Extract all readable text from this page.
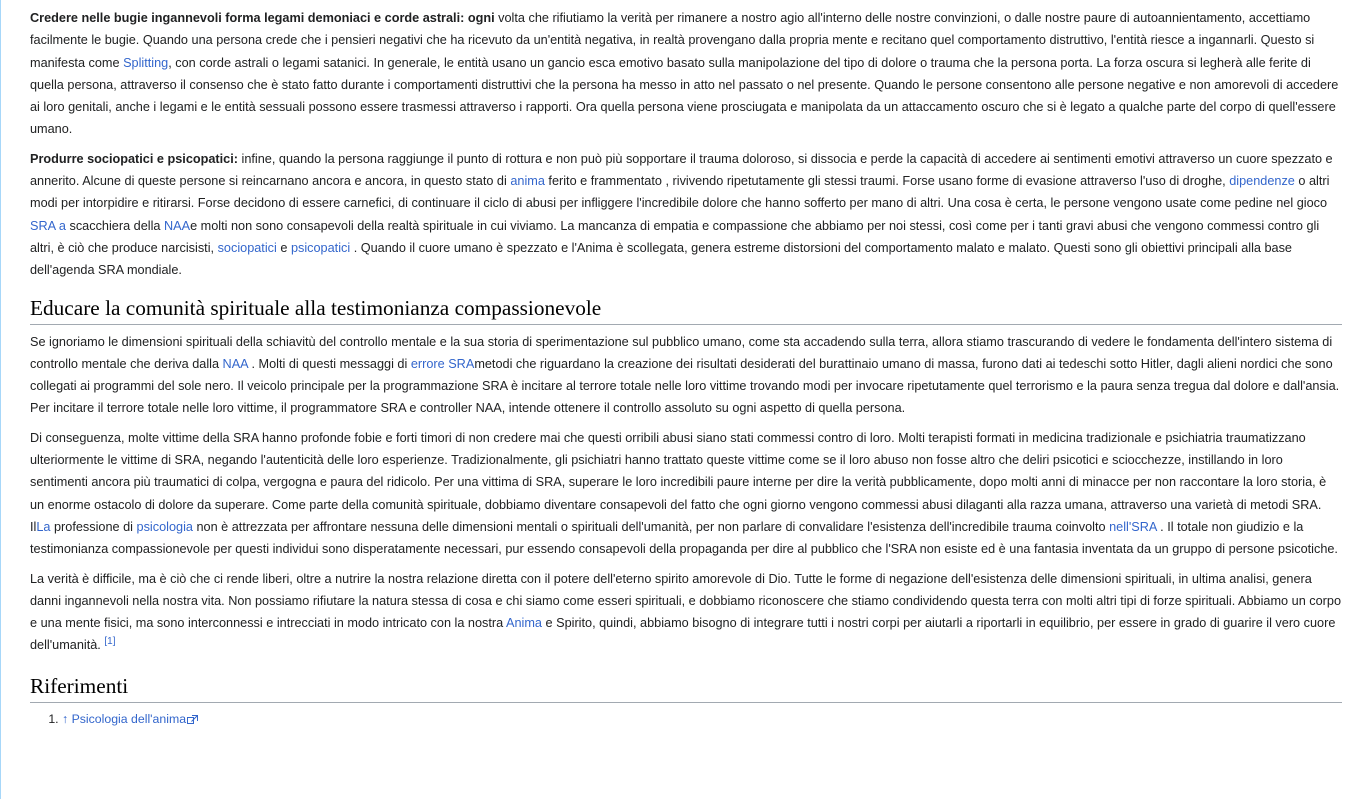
Credere nelle bugie ingannevoli forma legami demoniaci e corde astrali: ogni volta che rifiutiamo la verità per rimanere a nostro agio all'interno delle nostre convinzioni, o dalle nostre paure di autoannientamento, accettiamo facilmente le bugie. Quando una persona crede che i pensieri negativi che ha ricevuto da un'entità negativa, in realtà provengano dalla propria mente e recitano quel comportamento distruttivo, l'entità riesce a ingannarli. Questo si manifesta come Splitting, con corde astrali o legami satanici. In generale, le entità usano un gancio esca emotivo basato sulla manipolazione del tipo di dolore o trauma che la persona porta. La forza oscura si legherà alle ferite di quella persona, attraverso il consenso che è stato fatto durante i comportamenti distruttivi che la persona ha messo in atto nel passato o nel presente. Quando le persone consentono alle persone negative e non amorevoli di accedere ai loro genitali, anche i legami e le entità sessuali possono essere trasmessi attraverso i rapporti. Ora quella persona viene prosciugata e manipolata da un attaccamento oscuro che si è legato a qualche parte del corpo di quell'essere umano.

Produrre sociopatici e psicopatici: infine, quando la persona raggiunge il punto di rottura e non può più sopportare il trauma doloroso, si dissocia e perde la capacità di accedere ai sentimenti emotivi attraverso un cuore spezzato e annerito. Alcune di queste persone si reincarnano ancora e ancora, in questo stato di anima ferito e frammentato , rivivendo ripetutamente gli stessi traumi. Forse usano forme di evasione attraverso l'uso di droghe, dipendenze o altri modi per intorpidire e ritirarsi. Forse decidono di essere carnefici, di continuare il ciclo di abusi per infliggere l'incredibile dolore che hanno sofferto per mano di altri. Una cosa è certa, le persone vengono usate come pedine nel gioco SRA a scacchiera della NAAe molti non sono consapevoli della realtà spirituale in cui viviamo. La mancanza di empatia e compassione che abbiamo per noi stessi, così come per i tanti gravi abusi che vengono commessi contro gli altri, è ciò che produce narcisisti, sociopatici e psicopatici . Quando il cuore umano è spezzato e l'Anima è scollegata, genera estreme distorsioni del comportamento malato e malato. Questi sono gli obiettivi principali alla base dell'agenda SRA mondiale.

Educare la comunità spirituale alla testimonianza compassionevole

Se ignoriamo le dimensioni spirituali della schiavitù del controllo mentale e la sua storia di sperimentazione sul pubblico umano, come sta accadendo sulla terra, allora stiamo trascurando di vedere le fondamenta dell'intero sistema di controllo mentale che deriva dalla NAA . Molti di questi messaggi di errore SRAmetodi che riguardano la creazione dei risultati desiderati del burattinaio umano di massa, furono dati ai tedeschi sotto Hitler, dagli alieni nordici che sono collegati ai programmi del sole nero. Il veicolo principale per la programmazione SRA è incitare al terrore totale nelle loro vittime trovando modi per invocare ripetutamente quel terrorismo e la paura senza tregua dal dolore e dall'ansia. Per incitare il terrore totale nelle loro vittime, il programmatore SRA e controller NAA, intende ottenere il controllo assoluto su ogni aspetto di quella persona.

Di conseguenza, molte vittime della SRA hanno profonde fobie e forti timori di non credere mai che questi orribili abusi siano stati commessi contro di loro. Molti terapisti formati in medicina tradizionale e psichiatria traumatizzano ulteriormente le vittime di SRA, negando l'autenticità delle loro esperienze. Tradizionalmente, gli psichiatri hanno trattato queste vittime come se il loro abuso non fosse altro che deliri psicotici e sciocchezze, instillando in loro sentimenti ancora più traumatici di colpa, vergogna e paura del ridicolo. Per una vittima di SRA, superare le loro incredibili paure interne per dire la verità pubblicamente, dopo molti anni di minacce per non raccontare la loro storia, è un enorme ostacolo di dolore da superare. Come parte della comunità spirituale, dobbiamo diventare consapevoli del fatto che ogni giorno vengono commessi abusi dilaganti alla razza umana, attraverso una varietà di metodi SRA. IlLa professione di psicologia non è attrezzata per affrontare nessuna delle dimensioni mentali o spirituali dell'umanità, per non parlare di convalidare l'esistenza dell'incredibile trauma coinvolto nell'SRA . Il totale non giudizio e la testimonianza compassionevole per questi individui sono disperatamente necessari, pur essendo consapevoli della propaganda per dire al pubblico che l'SRA non esiste ed è una fantasia inventata da un gruppo di persone psicotiche.

La verità è difficile, ma è ciò che ci rende liberi, oltre a nutrire la nostra relazione diretta con il potere dell'eterno spirito amorevole di Dio. Tutte le forme di negazione dell'esistenza delle dimensioni spirituali, in ultima analisi, genera danni ingannevoli nella nostra vita. Non possiamo rifiutare la natura stessa di cosa e chi siamo come esseri spirituali, e dobbiamo riconoscere che stiamo condividendo questa terra con molti altri tipi di forze spirituali. Abbiamo un corpo e una mente fisici, ma sono interconnessi e intrecciati in modo intricato con la nostra Anima e Spirito, quindi, abbiamo bisogno di integrare tutti i nostri corpi per aiutarli a riportarli in equilibrio, per essere in grado di guarire il vero cuore dell'umanità. [1]

Riferimenti
1. ↑ Psicologia dell'anima
